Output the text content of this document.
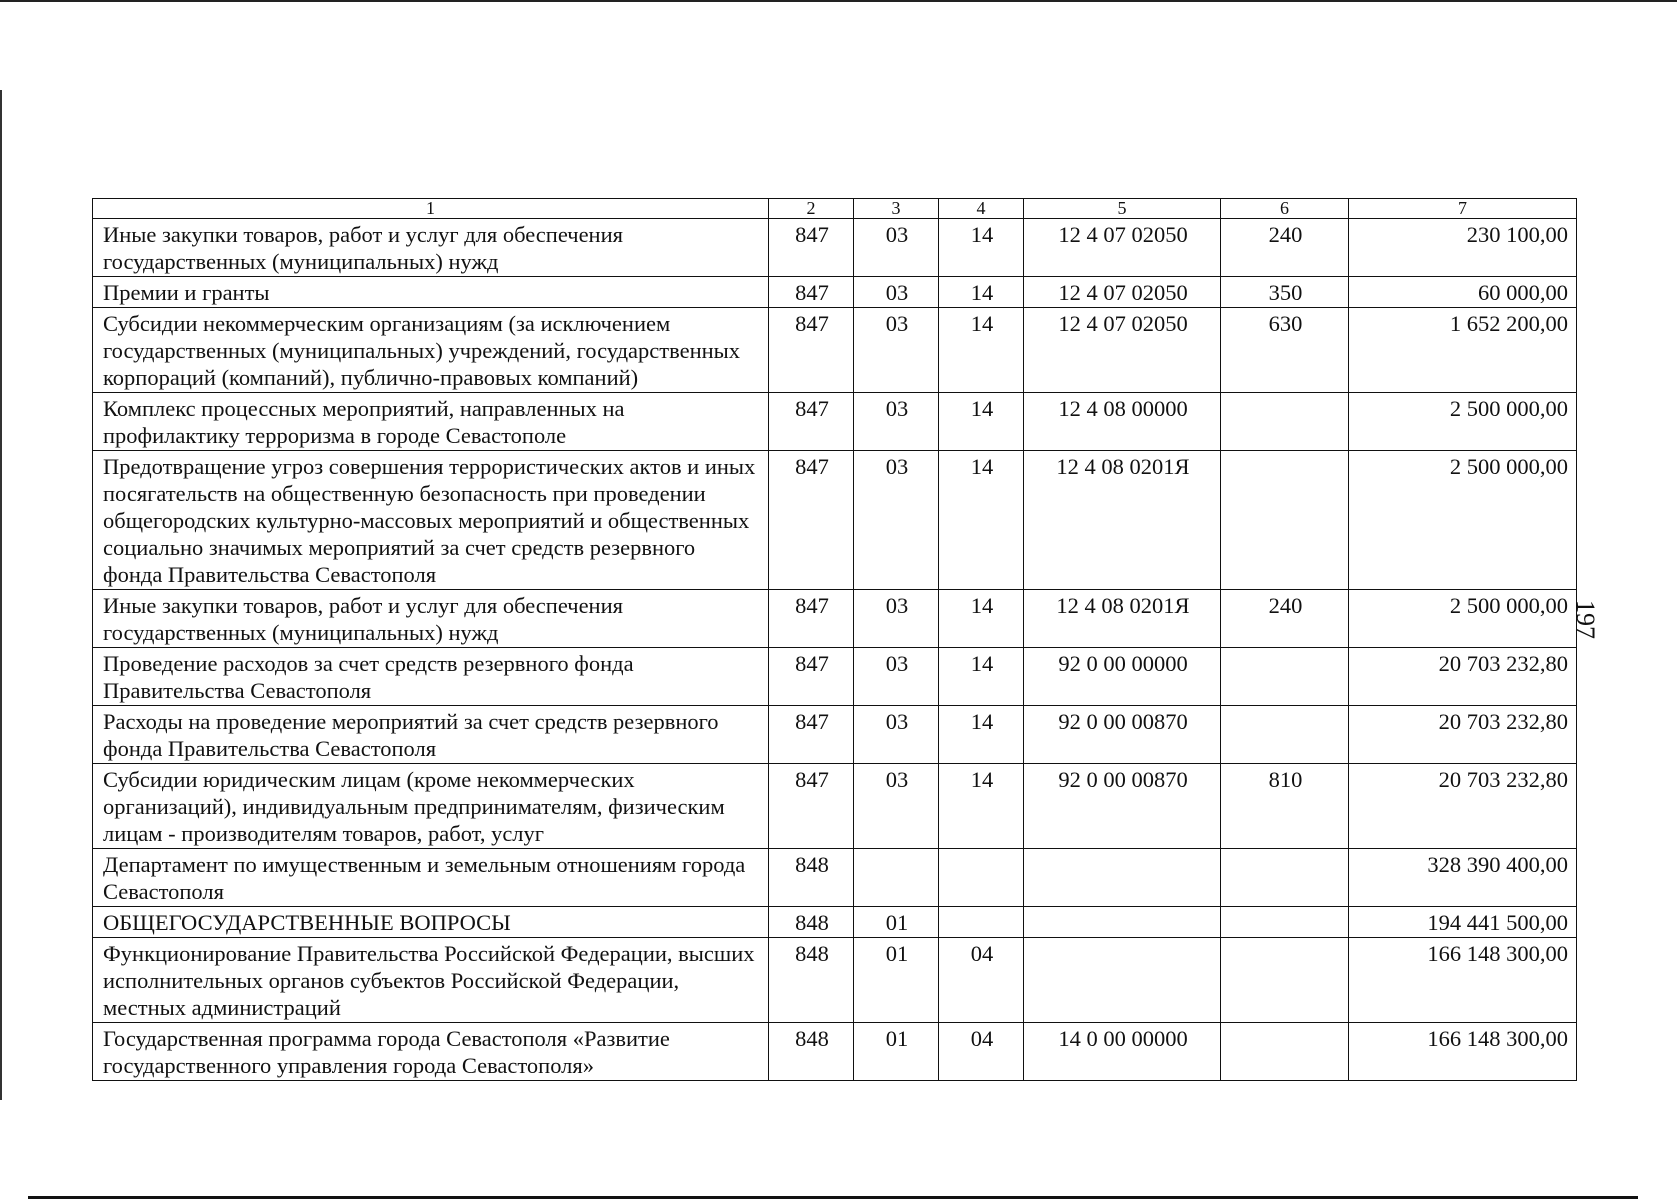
197
1	2	3	4	5	6	7
Иные закупки товаров, работ и услуг для обеспечения государственных (муниципальных) нужд	847	03	14	12 4 07 02050	240	230 100,00
Премии и гранты	847	03	14	12 4 07 02050	350	60 000,00
Субсидии некоммерческим организациям (за исключением государственных (муниципальных) учреждений, государственных корпораций (компаний), публично-правовых компаний)	847	03	14	12 4 07 02050	630	1 652 200,00
Комплекс процессных мероприятий, направленных на профилактику терроризма в городе Севастополе	847	03	14	12 4 08 00000		2 500 000,00
Предотвращение угроз совершения террористических актов и иных посягательств на общественную безопасность при проведении общегородских культурно-массовых мероприятий и общественных социально значимых мероприятий за счет средств резервного фонда Правительства Севастополя	847	03	14	12 4 08 0201Я		2 500 000,00
Иные закупки товаров, работ и услуг для обеспечения государственных (муниципальных) нужд	847	03	14	12 4 08 0201Я	240	2 500 000,00
Проведение расходов за счет средств резервного фонда Правительства Севастополя	847	03	14	92 0 00 00000		20 703 232,80
Расходы на проведение мероприятий за счет средств резервного фонда Правительства Севастополя	847	03	14	92 0 00 00870		20 703 232,80
Субсидии юридическим лицам (кроме некоммерческих организаций), индивидуальным предпринимателям, физическим лицам - производителям товаров, работ, услуг	847	03	14	92 0 00 00870	810	20 703 232,80
Департамент по имущественным и земельным отношениям города Севастополя	848					328 390 400,00
ОБЩЕГОСУДАРСТВЕННЫЕ ВОПРОСЫ	848	01				194 441 500,00
Функционирование Правительства Российской Федерации, высших исполнительных органов субъектов Российской Федерации, местных администраций	848	01	04			166 148 300,00
Государственная программа города Севастополя «Развитие государственного управления города Севастополя»	848	01	04	14 0 00 00000		166 148 300,00
